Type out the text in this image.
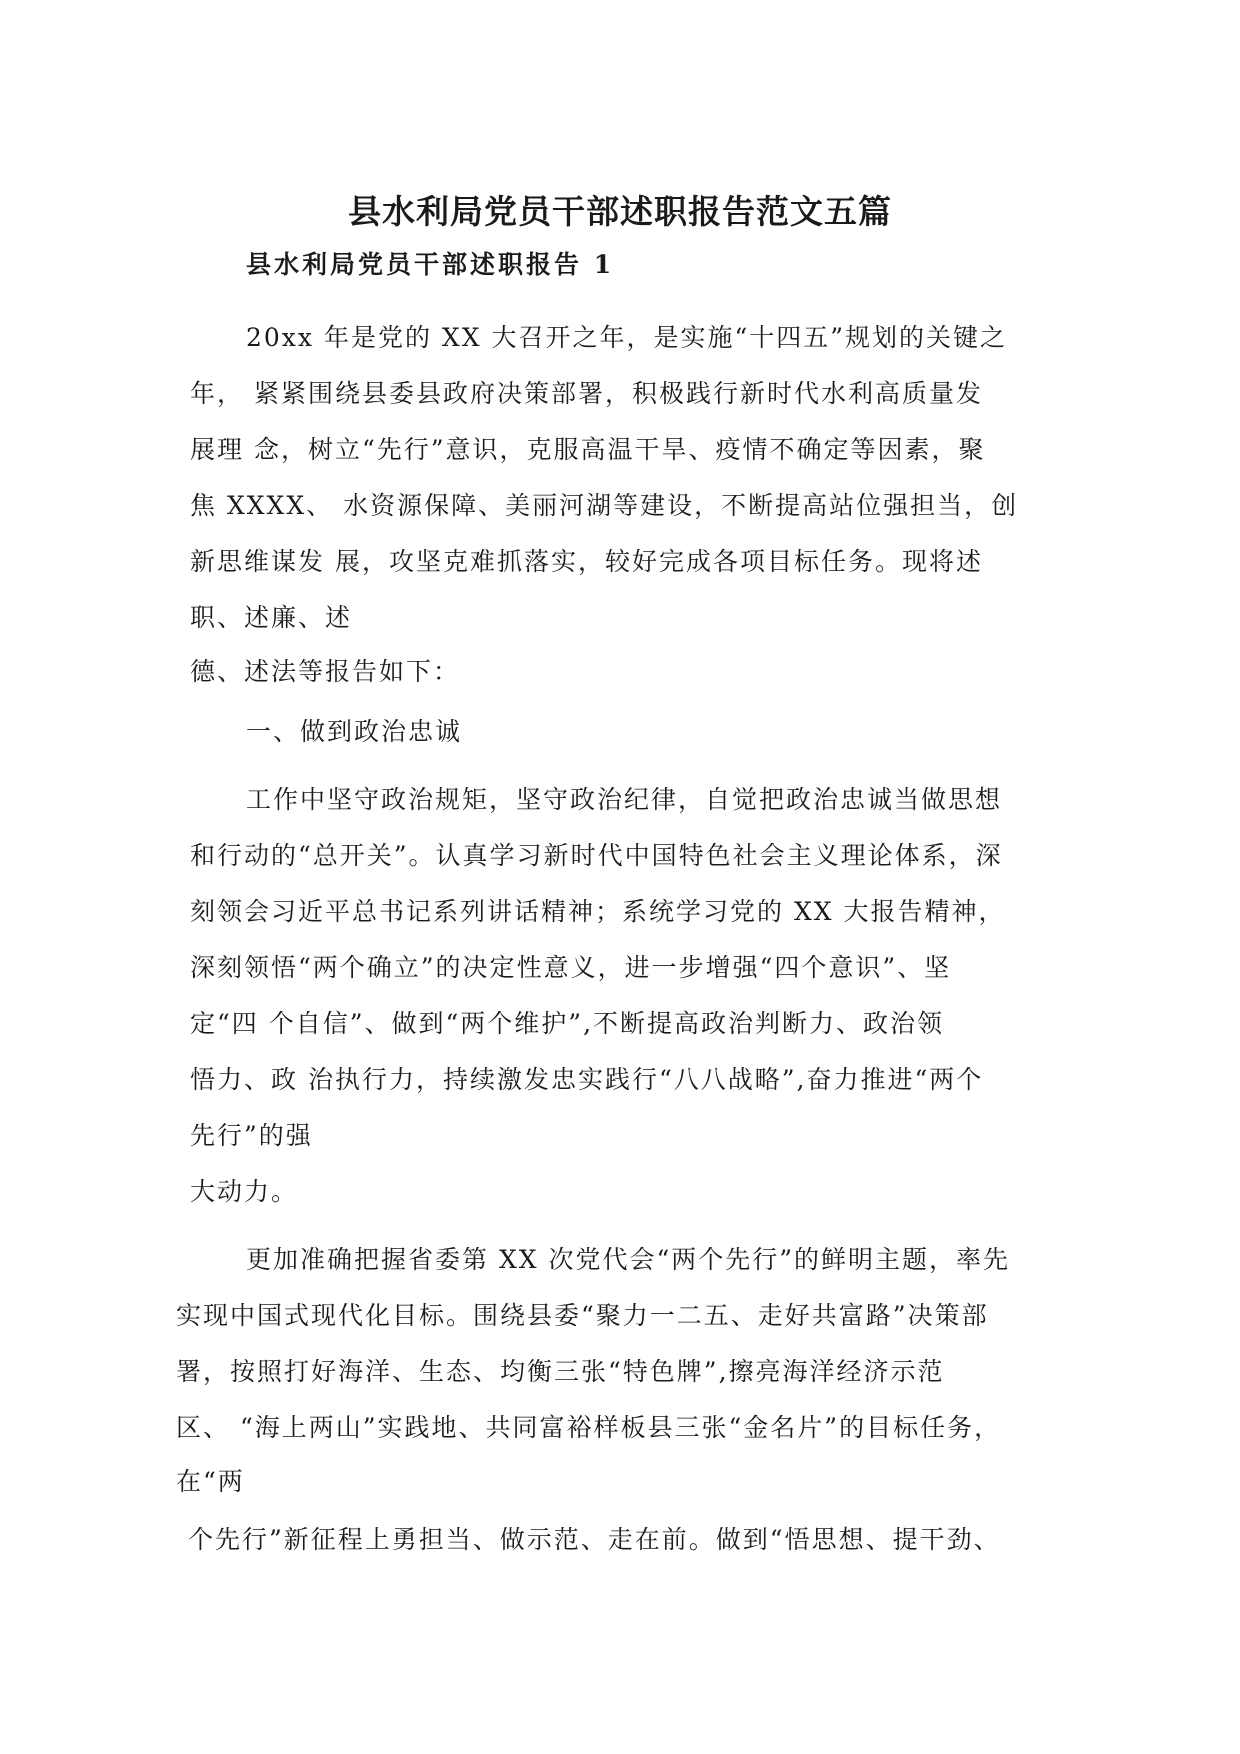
县水利局党员干部述职报告范文五篇
县水利局党员干部述职报告 1
20xx 年是党的 XX 大召开之年，是实施“十四五”规划的关键之
年， 紧紧围绕县委县政府决策部署，积极践行新时代水利高质量发
展理 念，树立“先行”意识，克服高温干旱、疫情不确定等因素，聚
焦 XXXX、 水资源保障、美丽河湖等建设，不断提高站位强担当，创
新思维谋发 展，攻坚克难抓落实，较好完成各项目标任务。现将述
职、述廉、述
德、述法等报告如下：
一、做到政治忠诚
工作中坚守政治规矩，坚守政治纪律，自觉把政治忠诚当做思想
和行动的“总开关”。认真学习新时代中国特色社会主义理论体系，深
刻领会习近平总书记系列讲话精神；系统学习党的 XX 大报告精神，
深刻领悟“两个确立”的决定性意义，进一步增强“四个意识”、坚
定“四 个自信”、做到“两个维护”,不断提高政治判断力、政治领
悟力、政 治执行力，持续激发忠实践行“八八战略”,奋力推进“两个
先行”的强
大动力。
更加准确把握省委第 XX 次党代会“两个先行”的鲜明主题，率先
实现中国式现代化目标。围绕县委“聚力一二五、走好共富路”决策部
署，按照打好海洋、生态、均衡三张“特色牌”,擦亮海洋经济示范
区、 “海上两山”实践地、共同富裕样板县三张“金名片”的目标任务，
在“两
个先行”新征程上勇担当、做示范、走在前。做到“悟思想、提干劲、
